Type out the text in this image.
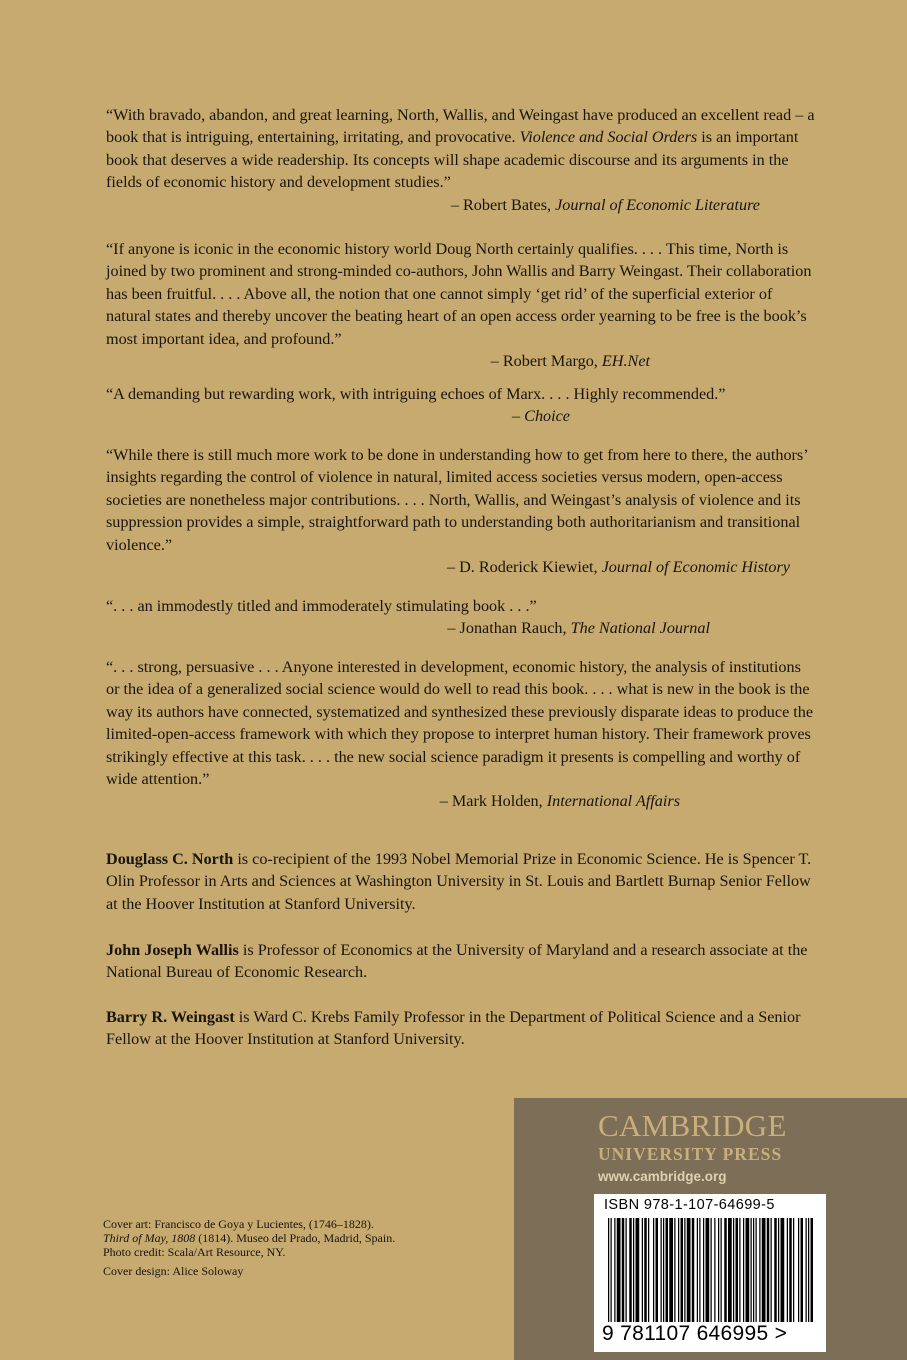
“With bravado, abandon, and great learning, North, Wallis, and Weingast have produced an excellent read – a book that is intriguing, entertaining, irritating, and provocative. Violence and Social Orders is an important book that deserves a wide readership. Its concepts will shape academic discourse and its arguments in the fields of economic history and development studies.”

– Robert Bates, Journal of Economic Literature

“If anyone is iconic in the economic history world Doug North certainly qualifies. . . . This time, North is joined by two prominent and strong-minded co-authors, John Wallis and Barry Weingast. Their collaboration has been fruitful. . . . Above all, the notion that one cannot simply ‘get rid’ of the superficial exterior of natural states and thereby uncover the beating heart of an open access order yearning to be free is the book’s most important idea, and profound.”

– Robert Margo, EH.Net

“A demanding but rewarding work, with intriguing echoes of Marx. . . . Highly recommended.”

– Choice

“While there is still much more work to be done in understanding how to get from here to there, the authors’ insights regarding the control of violence in natural, limited access societies versus modern, open-access societies are nonetheless major contributions. . . . North, Wallis, and Weingast’s analysis of violence and its suppression provides a simple, straightforward path to understanding both authoritarianism and transitional violence.”

– D. Roderick Kiewiet, Journal of Economic History

“. . . an immodestly titled and immoderately stimulating book . . .”

– Jonathan Rauch, The National Journal

“. . . strong, persuasive . . . Anyone interested in development, economic history, the analysis of institutions or the idea of a generalized social science would do well to read this book. . . . what is new in the book is the way its authors have connected, systematized and synthesized these previously disparate ideas to produce the limited-open-access framework with which they propose to interpret human history. Their framework proves strikingly effective at this task. . . . the new social science paradigm it presents is compelling and worthy of wide attention.”

– Mark Holden, International Affairs

Douglass C. North is co-recipient of the 1993 Nobel Memorial Prize in Economic Science. He is Spencer T. Olin Professor in Arts and Sciences at Washington University in St. Louis and Bartlett Burnap Senior Fellow at the Hoover Institution at Stanford University.

John Joseph Wallis is Professor of Economics at the University of Maryland and a research associate at the National Bureau of Economic Research.

Barry R. Weingast is Ward C. Krebs Family Professor in the Department of Political Science and a Senior Fellow at the Hoover Institution at Stanford University.

Cover art: Francisco de Goya y Lucientes, (1746–1828).

Third of May, 1808 (1814). Museo del Prado, Madrid, Spain.

Photo credit: Scala/Art Resource, NY.

Cover design: Alice Soloway

CAMBRIDGE
UNIVERSITY PRESS
www.cambridge.org
ISBN 978-1-107-64699-5
9 781107 646995 >
